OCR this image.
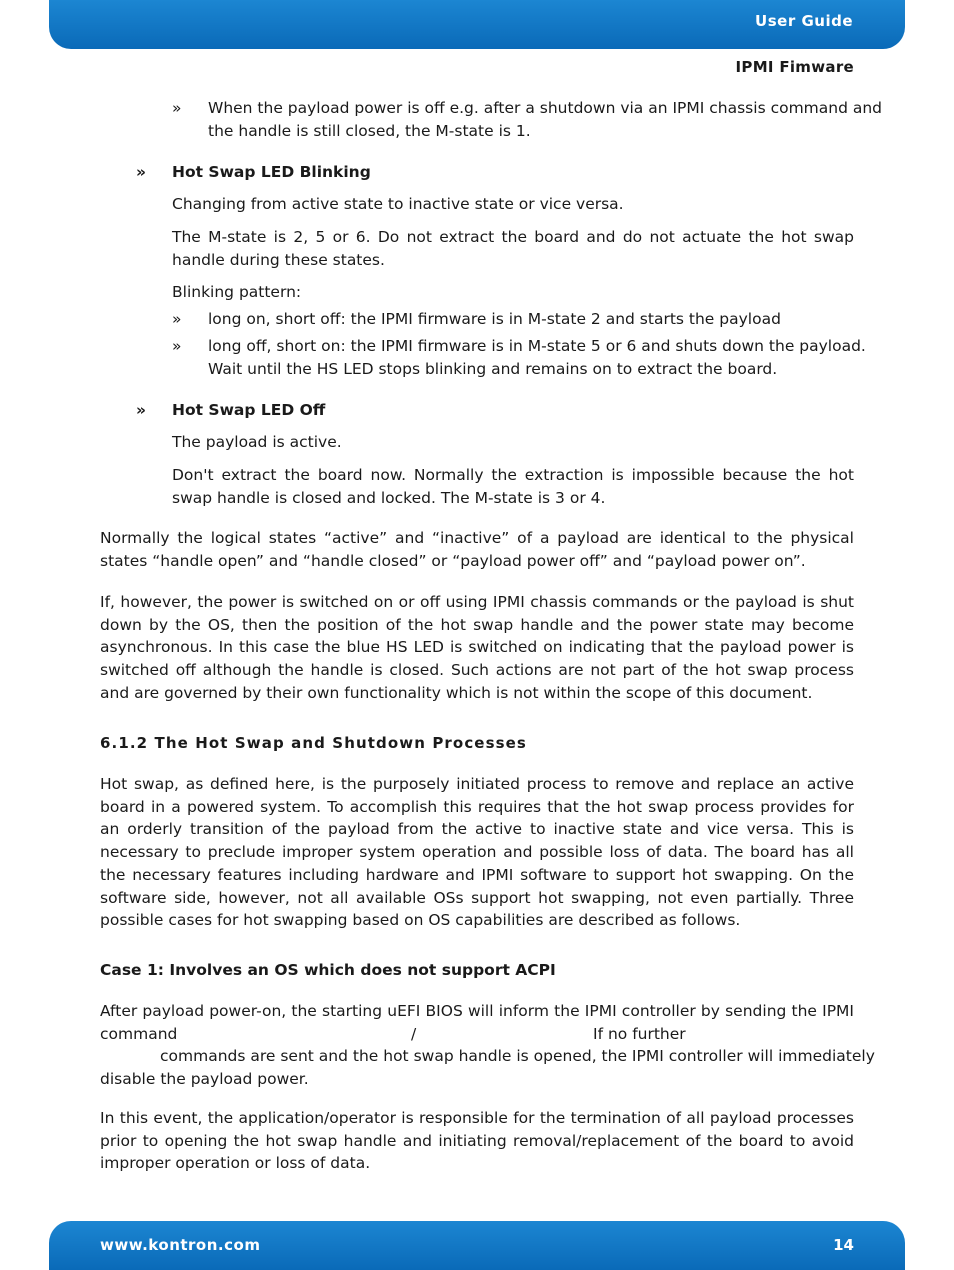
User Guide
IPMI Fimware
» When the payload power is off e.g. after a shutdown via an IPMI chassis command and
the handle is still closed, the M-state is 1.
» Hot Swap LED Blinking
Changing from active state to inactive state or vice versa.
The M-state is 2, 5 or 6. Do not extract the board and do not actuate the hot swap handle during these states.
Blinking pattern:
» long on, short off: the IPMI firmware is in M-state 2 and starts the payload
» long off, short on: the IPMI firmware is in M-state 5 or 6 and shuts down the payload.
Wait until the HS LED stops blinking and remains on to extract the board.
» Hot Swap LED Off
The payload is active.
Don't extract the board now. Normally the extraction is impossible because the hot swap handle is closed and locked. The M-state is 3 or 4.
Normally the logical states “active” and “inactive” of a payload are identical to the physical states “handle open” and “handle closed” or “payload power off” and “payload power on”.
If, however, the power is switched on or off using IPMI chassis commands or the payload is shut down by the OS, then the position of the hot swap handle and the power state may become asynchronous. In this case the blue HS LED is switched on indicating that the payload power is switched off although the handle is closed. Such actions are not part of the hot swap process and are governed by their own functionality which is not within the scope of this document.
6.1.2 The Hot Swap and Shutdown Processes
Hot swap, as defined here, is the purposely initiated process to remove and replace an active board in a powered system. To accomplish this requires that the hot swap process provides for an orderly transition of the payload from the active to inactive state and vice versa. This is necessary to preclude improper system operation and possible loss of data. The board has all the necessary features including hardware and IPMI software to support hot swapping. On the software side, however, not all available OSs support hot swapping, not even partially. Three possible cases for hot swapping based on OS capabilities are described as follows.
Case 1: Involves an OS which does not support ACPI
After payload power-on, the starting uEFI BIOS will inform the IPMI controller by sending the IPMI
command	/	If no further
commands are sent and the hot swap handle is opened, the IPMI controller will immediately
disable the payload power.
In this event, the application/operator is responsible for the termination of all payload processes prior to opening the hot swap handle and initiating removal/replacement of the board to avoid improper operation or loss of data.
www.kontron.com	14
